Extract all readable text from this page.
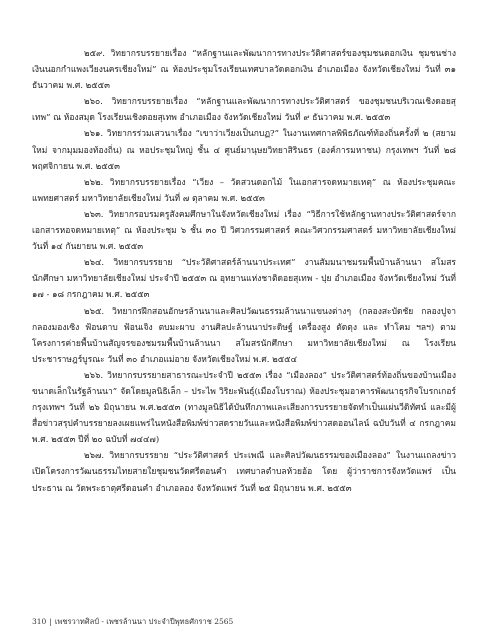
๒๕๙. วิทยากรบรรยายเรื่อง “หลักฐานและพัฒนาการทางประวัติศาสตร์ของชุมชนดอกเงิน ชุมชนช่างเงินนอกกำแพงเวียงนครเชียงใหม่” ณ ห้องประชุมโรงเรียนเทศบาลวัดดอกเงิน อำเภอเมือง จังหวัดเชียงใหม่ วันที่ ๓๑ ธันวาคม พ.ศ. ๒๕๕๓

๒๖๐. วิทยากรบรรยายเรื่อง “หลักฐานและพัฒนาการทางประวัติศาสตร์ ของชุมชนบริเวณเชิงดอยสุเทพ” ณ ห้องสมุด โรงเรียนเชิงดอยสุเทพ อำเภอเมือง จังหวัดเชียงใหม่ วันที่ ๙ ธันวาคม พ.ศ. ๒๕๕๓

๒๖๑. วิทยากรร่วมเสวนาเรื่อง “เขาว่าเวียงเป็นกบฏ?” ในงานเทศกาลพิพิธภัณฑ์ท้องถิ่นครั้งที่ ๒ (สยามใหม่ จากมุมมองท้องถิ่น) ณ หอประชุมใหญ่ ชั้น ๔ ศูนย์มานุษยวิทยาสิรินธร (องค์การมหาชน) กรุงเทพฯ วันที่ ๒๘ พฤศจิกายน พ.ศ. ๒๕๕๓

๒๖๒. วิทยากรบรรยายเรื่อง “เวียง – วัดสวนดอกไม้ ในเอกสารจดหมายเหตุ” ณ ห้องประชุมคณะแพทยศาสตร์ มหาวิทยาลัยเชียงใหม่ วันที่ ๗ ตุลาคม พ.ศ. ๒๕๕๓

๒๖๓. วิทยากรอบรมครูสังคมศึกษาในจังหวัดเชียงใหม่ เรื่อง “วิธีการใช้หลักฐานทางประวัติศาสตร์จากเอกสารหอจดหมายเหตุ” ณ ห้องประชุม ๖ ชั้น ๓๐ ปี วิศวกรรมศาสตร์ คณะวิศวกรรมศาสตร์ มหาวิทยาลัยเชียงใหม่ วันที่ ๑๔ กันยายน พ.ศ. ๒๕๕๓

๒๖๔. วิทยากรบรรยาย “ประวัติศาสตร์ล้านนาประเทศ” งานสัมมนาชมรมพื้นบ้านล้านนา สโมสรนักศึกษา มหาวิทยาลัยเชียงใหม่ ประจำปี ๒๕๕๓ ณ อุทยานแห่งชาติดอยสุเทพ - ปุย อำเภอเมือง จังหวัดเชียงใหม่ วันที่ ๑๗ - ๑๘ กรกฎาคม พ.ศ. ๒๕๕๓

๒๖๕. วิทยากรฝึกสอนอักษรล้านนาและศิลปวัฒนธรรมล้านนาแขนงต่างๆ (กลองสะบัดชัย กลองปูจา กลองมองเซิง ฟ้อนดาบ ฟ้อนเจิง ตบมะผาบ งานศิลปะล้านนาประดิษฐ์ เครื่องสูง ตัดตุง และ ทำโคม ฯลฯ) ตามโครงการค่ายพื้นบ้านสัญจรของชมรมพื้นบ้านล้านนา สโมสรนักศึกษา มหาวิทยาลัยเชียงใหม่ ณ โรงเรียนประชาราษฎร์บูรณะ วันที่ ๓๐ อำเภอแม่อาย จังหวัดเชียงใหม่ พ.ศ. ๒๕๕๔

๒๖๖. วิทยากรบรรยายสาธารณะประจำปี ๒๕๕๓ เรื่อง “เมืองลอง” ประวัติศาสตร์ท้องถิ่นของบ้านเมืองขนาดเล็กในรัฐล้านนา” จัดโดยมูลนิธิเล็ก – ประไพ วิริยะพันธุ์(เมืองโบราณ) ห้องประชุมอาคารพัฒนาธุรกิจโบรกเกอร์ กรุงเทพฯ วันที่ ๒๖ มิถุนายน พ.ศ.๒๕๕๓ (ทางมูลนิธิได้บันทึกภาพและเสียงการบรรยายจัดทำเป็นแผ่นวีดิทัศน์ และมีผู้สื่อข่าวสรุปคำบรรยายลงเผยแพร่ในหนังสือพิมพ์ข่าวสดรายวันและหนังสือพิมพ์ข่าวสดออนไลน์ ฉบับวันที่ ๔ กรกฎาคม พ.ศ. ๒๕๕๓ ปีที่ ๒๐ ฉบับที่ ๗๔๔๗)

๒๖๗. วิทยากรบรรยาย “ประวัติศาสตร์ ประเพณี และศิลปวัฒนธรรมของเมืองลอง” ในงานแถลงข่าวเปิดโครงการวัฒนธรรมไทยสายใยชุมชนวัดศรีดอนคำ เทศบาลตำบลห้วยอ้อ โดย ผู้ว่าราชการจังหวัดแพร่ เป็นประธาน ณ วัดพระธาตุศรีดอนคำ อำเภอลอง จังหวัดแพร่ วันที่ ๒๕ มิถุนายน พ.ศ. ๒๕๕๓

310 | เพชรวาทศิลป์ - เพชรล้านนา ประจำปีพุทธศักราช 2565
